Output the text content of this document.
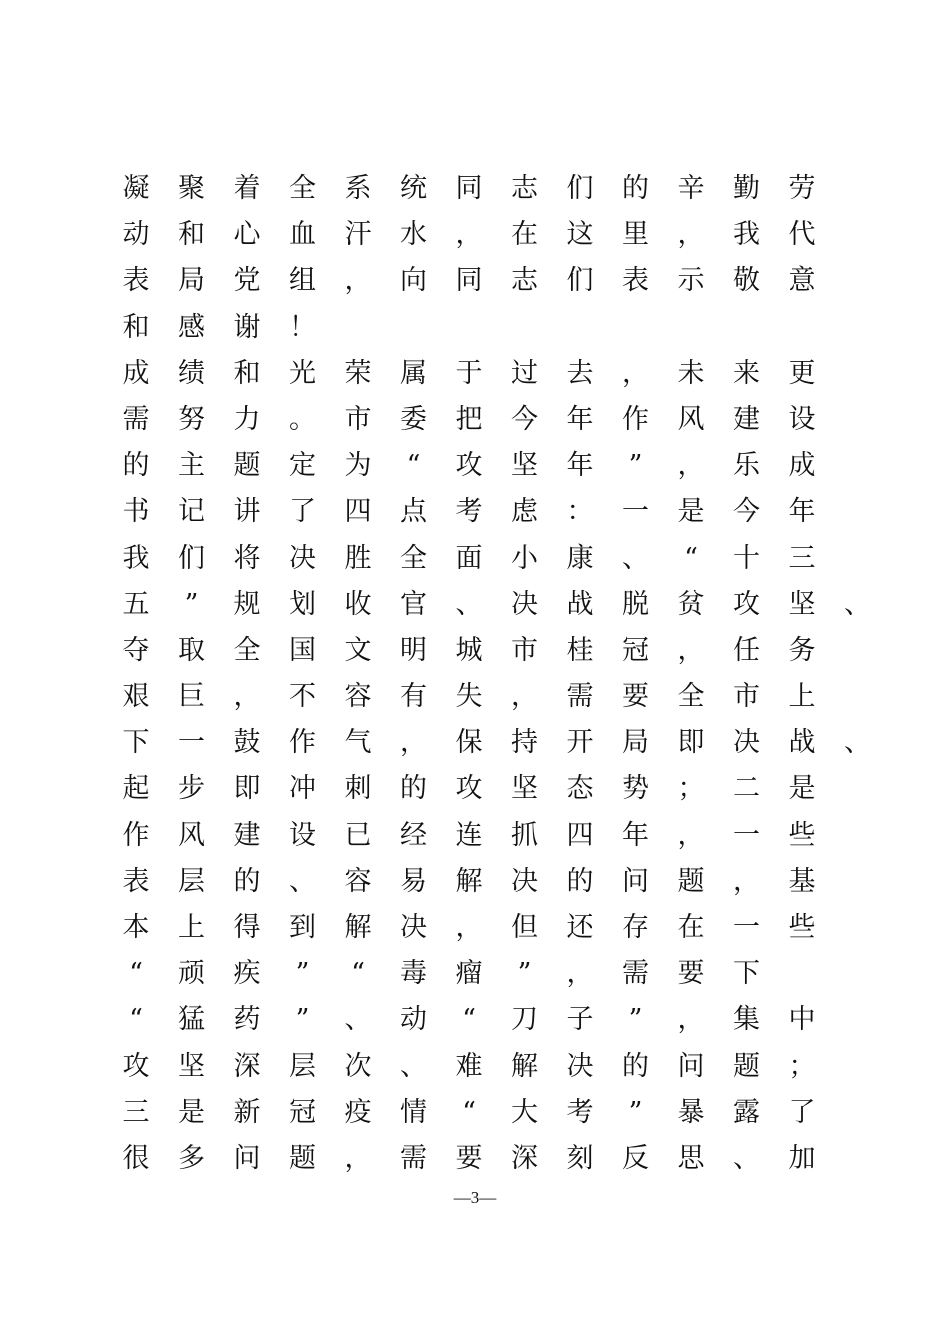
凝 聚 着 全 系 统 同 志 们 的 辛 勤 劳
动 和 心 血 汗 水 ， 在 这 里 ， 我 代
表 局 党 组 ， 向 同 志 们 表 示 敬 意
和 感 谢 ！
成 绩 和 光 荣 属 于 过 去 ， 未 来 更
需 努 力 。 市 委 把 今 年 作 风 建 设
的 主 题 定 为	“	攻 坚 年	”	， 乐 成
书 记 讲 了 四 点 考 虑 ： 一 是 今 年
我 们 将 决 胜 全 面 小 康 、	“	十 三
五	”	规 划 收 官 、 决 战 脱 贫 攻 坚 、
夺 取 全 国 文 明 城 市 桂 冠 ， 任 务
艰 巨 ， 不 容 有 失 ， 需 要 全 市 上
下 一 鼓 作 气 ， 保 持 开 局 即 决 战 、
起 步 即 冲 刺 的 攻 坚 态 势 ； 二 是
作 风 建 设 已 经 连 抓 四 年 ， 一 些
表 层 的 、 容 易 解 决 的 问 题 ， 基
本 上 得 到 解 决 ， 但 还 存 在 一 些
“	顽 疾	”	“	毒 瘤	”	， 需 要 下
“	猛 药	”	、 动	“	刀 子	”	， 集 中
攻 坚 深 层 次 、 难 解 决 的 问 题 ；
三 是 新 冠 疫 情	“	大 考	”	暴 露 了
很 多 问 题 ， 需 要 深 刻 反 思 、 加
—3—
